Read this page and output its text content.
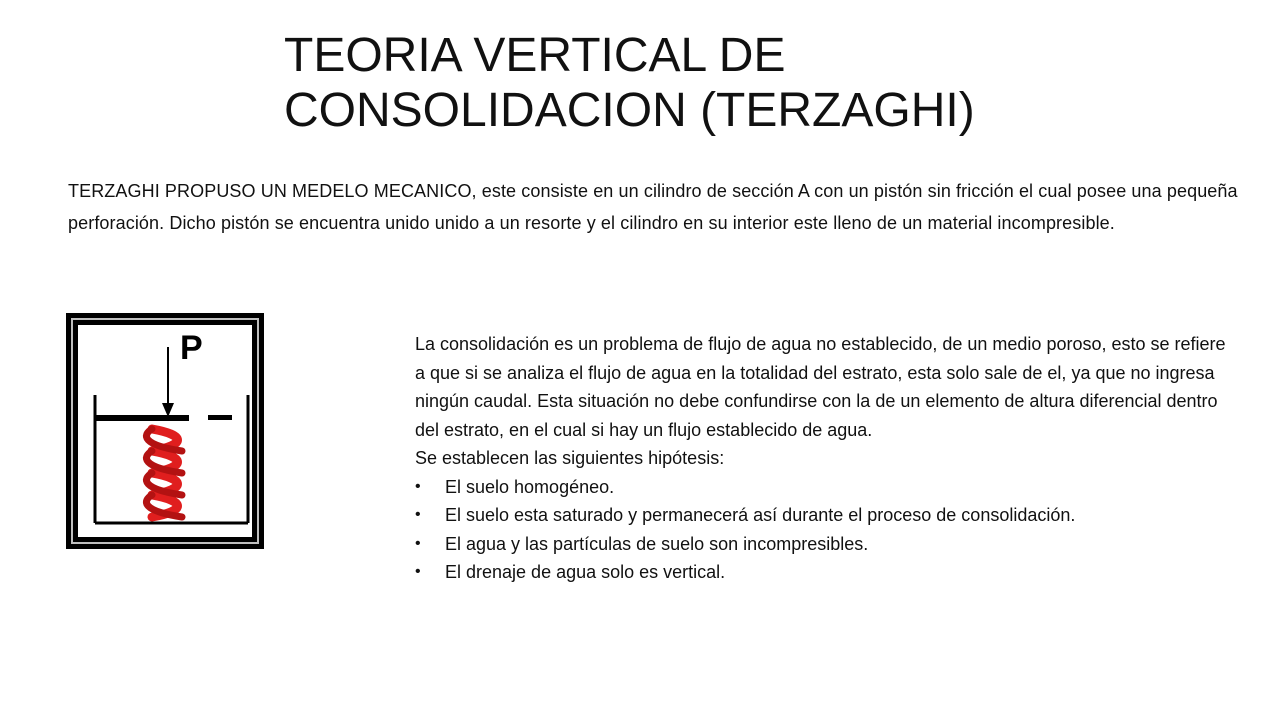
TEORIA VERTICAL DE
CONSOLIDACION (TERZAGHI)

TERZAGHI PROPUSO UN MEDELO MECANICO, este consiste en un cilindro de sección A con un pistón sin fricción el cual posee una pequeña perforación. Dicho pistón se encuentra unido unido a un resorte y el cilindro en su interior este lleno de un material incompresible.

P	La consolidación es un problema de flujo de agua no establecido, de un medio poroso, esto se refiere a que si se analiza el flujo de agua en la totalidad del estrato, esta solo sale de el, ya que no ingresa ningún caudal. Esta situación no debe confundirse con la de un elemento de altura diferencial dentro del estrato, en el cual si hay un flujo establecido de agua.

Se establecen las siguientes hipótesis:

• El suelo homogéneo.
• El suelo esta saturado y permanecerá así durante el proceso de consolidación.
• El agua y las partículas de suelo son incompresibles.
• El drenaje de agua solo es vertical.
